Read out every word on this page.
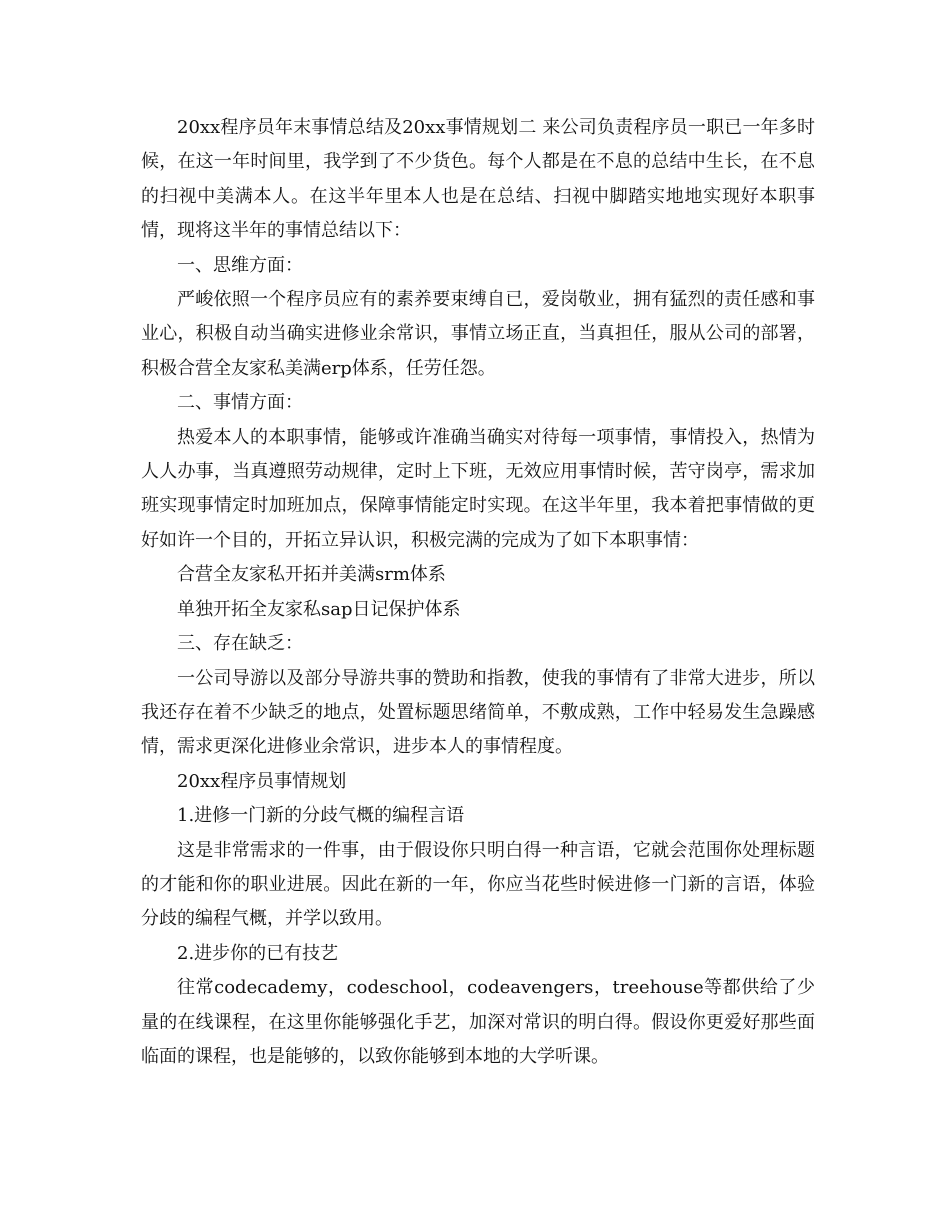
20xx程序员年末事情总结及20xx事情规划二 来公司负责程序员一职已一年多时候，在这一年时间里，我学到了不少货色。每个人都是在不息的总结中生长，在不息的扫视中美满本人。在这半年里本人也是在总结、扫视中脚踏实地地实现好本职事情，现将这半年的事情总结以下：

一、思维方面：

严峻依照一个程序员应有的素养要束缚自已，爱岗敬业，拥有猛烈的责任感和事业心，积极自动当确实进修业余常识，事情立场正直，当真担任，服从公司的部署，积极合营全友家私美满erp体系，任劳任怨。

二、事情方面：

热爱本人的本职事情，能够或许准确当确实对待每一项事情，事情投入，热情为人人办事，当真遵照劳动规律，定时上下班，无效应用事情时候，苦守岗亭，需求加班实现事情定时加班加点，保障事情能定时实现。在这半年里，我本着把事情做的更好如许一个目的，开拓立异认识，积极完满的完成为了如下本职事情：

合营全友家私开拓并美满srm体系

单独开拓全友家私sap日记保护体系

三、存在缺乏：

一公司导游以及部分导游共事的赞助和指教，使我的事情有了非常大进步，所以我还存在着不少缺乏的地点，处置标题思绪简单，不敷成熟，工作中轻易发生急躁感情，需求更深化进修业余常识，进步本人的事情程度。

20xx程序员事情规划

1.进修一门新的分歧气概的编程言语

这是非常需求的一件事，由于假设你只明白得一种言语，它就会范围你处理标题的才能和你的职业进展。因此在新的一年，你应当花些时候进修一门新的言语，体验分歧的编程气概，并学以致用。

2.进步你的已有技艺

往常codecademy，codeschool，codeavengers，treehouse等都供给了少量的在线课程，在这里你能够强化手艺，加深对常识的明白得。假设你更爱好那些面临面的课程，也是能够的，以致你能够到本地的大学听课。
